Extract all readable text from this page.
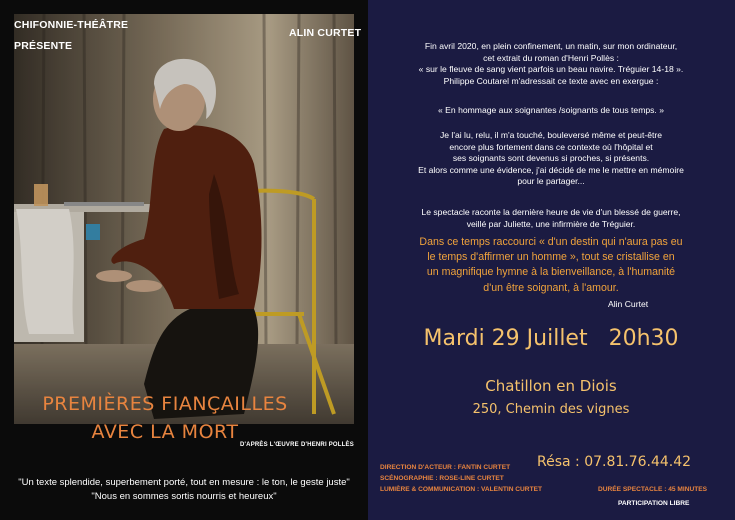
CHIFONNIE-THÉÂTRE
PRÉSENTE
ALIN CURTET
PREMIÈRES FIANÇAILLES
AVEC LA MORT
D'APRÈS L'ŒUVRE D'HENRI POLLÈS
"Un texte splendide, superbement porté, tout en mesure : le ton, le geste juste"
"Nous en sommes sortis nourris et heureux"
Fin avril 2020, en plein confinement, un matin, sur mon ordinateur,
cet extrait du roman d'Henri Pollès :
« sur le fleuve de sang vient parfois un beau navire. Tréguier 14-18 ».
Philippe Coutarel m'adressait ce texte avec en exergue :
« En hommage aux soignantes /soignants de tous temps. »
Je l'ai lu, relu, il m'a touché, bouleversé même et peut-être
encore plus fortement dans ce contexte où l'hôpital et
ses soignants sont devenus si proches, si présents.
Et alors comme une évidence, j'ai décidé de me le mettre en mémoire
pour le partager...
Le spectacle raconte la dernière heure de vie d'un blessé de guerre,
veillé par Juliette, une infirmière de Tréguier.
Dans ce temps raccourci « d'un destin qui n'aura pas eu
le temps d'affirmer un homme », tout se cristallise en
un magnifique hymne à la bienveillance, à l'humanité
d'un être soignant, à l'amour.
Alin Curtet
Mardi 29 Juillet 20h30
Chatillon en Diois
250, Chemin des vignes
DIRECTION D'ACTEUR : FANTIN CURTET
SCÉNOGRAPHIE : ROSE-LINE CURTET
LUMIÈRE & COMMUNICATION : VALENTIN CURTET
Résa : 07.81.76.44.42
DURÉE SPECTACLE : 45 MINUTES
PARTICIPATION LIBRE
